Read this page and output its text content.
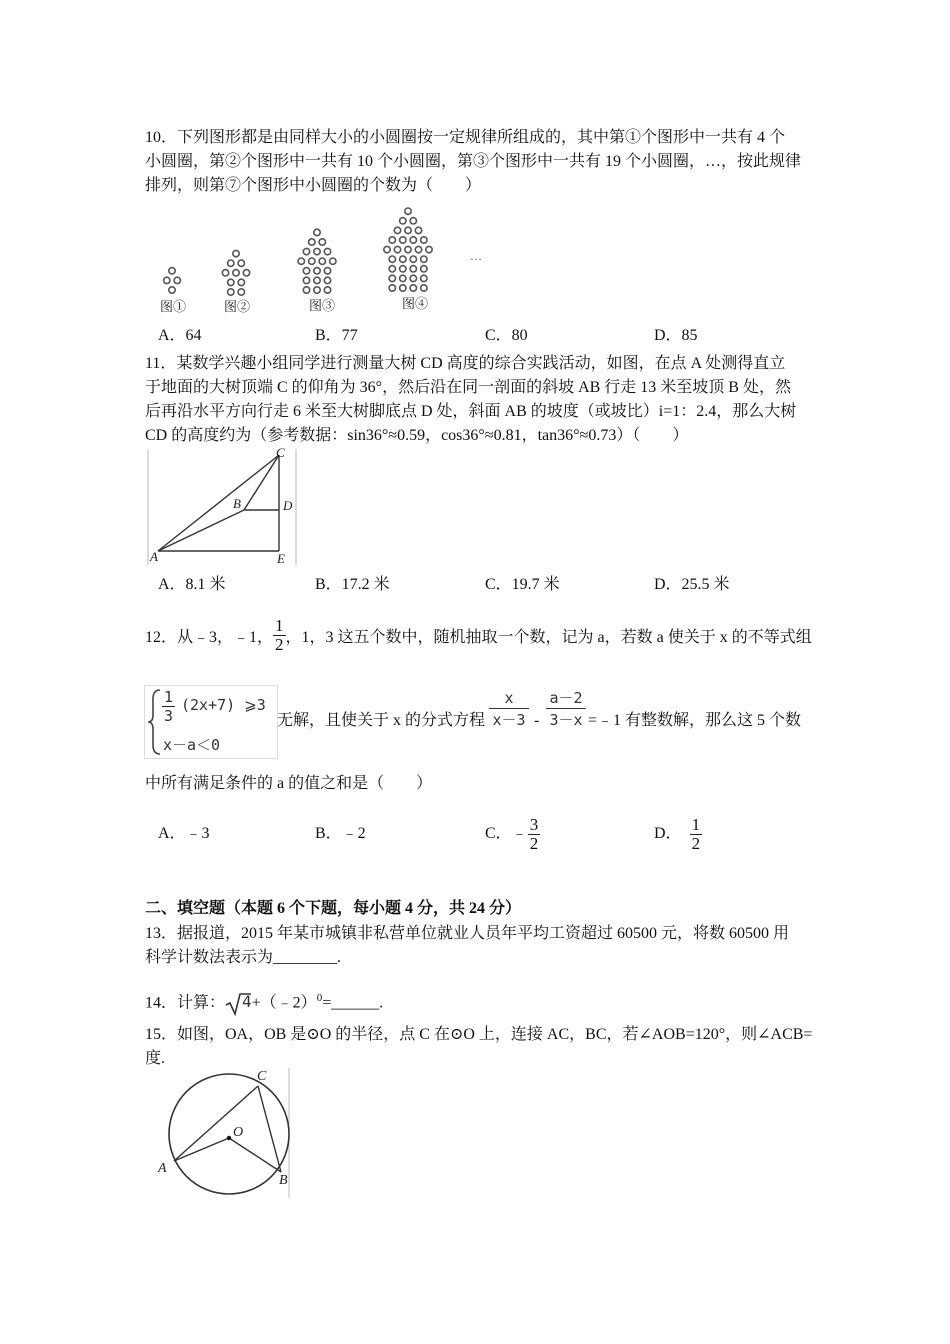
10．下列图形都是由同样大小的小圆圈按一定规律所组成的，其中第①个图形中一共有 4 个
小圆圈，第②个图形中一共有 10 个小圆圈，第③个图形中一共有 19 个小圆圈，…，按此规律
排列，则第⑦个图形中小圆圈的个数为（　　）
图①	图②	图③	图④
…
A．64	B．77	C．80	D．85
11．某数学兴趣小组同学进行测量大树 CD 高度的综合实践活动，如图，在点 A 处测得直立
于地面的大树顶端 C 的仰角为 36°，然后沿在同一剖面的斜坡 AB 行走 13 米至坡顶 B 处，然
后再沿水平方向行走 6 米至大树脚底点 D 处，斜面 AB 的坡度（或坡比）i=1：2.4，那么大树
CD 的高度约为（参考数据：sin36°≈0.59，cos36°≈0.81，tan36°≈0.73）（　　）
C
B	D
A	E
A．8.1 米	B．17.2 米	C．19.7 米	D．25.5 米
12．从﹣3，﹣1， $\frac{1}{2}$ ，1，3 这五个数中，随机抽取一个数，记为 a，若数 a 使关于 x 的不等式组
$\frac{1}{3} (2x+7)$ ⩾3
x－a＜0
无解，且使关于 x 的分式方程
x
x－3 -
a－2
3－x =﹣1 有整数解，那么这 5 个数
中所有满足条件的 a 的值之和是（　　）
A．﹣3	B．﹣2	C．﹣ $\frac{3}{2}$	D． $\frac{1}{2}$
二、填空题（本题 6 个下题，每小题 4 分，共 24 分）
13．据报道，2015 年某市城镇非私营单位就业人员年平均工资超过 60500 元，将数 60500 用
科学计数法表示为________.
14．计算： 4+（﹣2）$^0$=______.
15．如图，OA，OB 是⊙O 的半径，点 C 在⊙O 上，连接 AC，BC，若∠AOB=120°，则∠ACB=
度.
C
O
A
B
